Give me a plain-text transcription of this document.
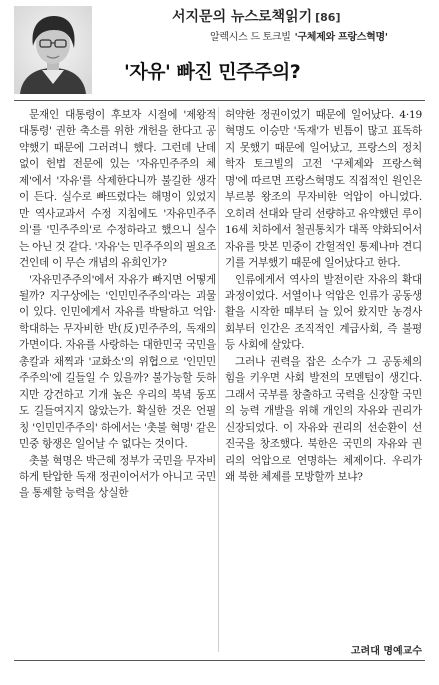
서지문의 뉴스로책읽기 [86]
알렉시스 드 토크빌 '구체제와 프랑스혁명'
'자유' 빠진 민주주의?

문재인 대통령이 후보자 시절에 '제왕적 대통령' 권한 축소를 위한 개헌을 한다고 공약했기 때문에 그러려니 했다. 그런데 난데없이 헌법 전문에 있는 '자유민주주의 체제'에서 '자유'를 삭제한다니까 불길한 생각이 든다. 실수로 빠뜨렸다는 해명이 있었지만 역사교과서 수정 지침에도 '자유민주주의'를 '민주주의'로 수정하라고 했으니 실수는 아닌 것 같다. '자유'는 민주주의의 필요조건인데 이 무슨 개념의 유희인가?

'자유민주주의'에서 자유가 빠지면 어떻게 될까? 지구상에는 '인민민주주의'라는 괴물이 있다. 인민에게서 자유를 박탈하고 억압·학대하는 무자비한 반(反)민주주의, 독재의 가면이다. 자유를 사랑하는 대한민국 국민을 총칼과 채찍과 '교화소'의 위협으로 '인민민주주의'에 길들일 수 있을까? 불가능할 듯하지만 강건하고 기개 높은 우리의 북녘 동포도 길들여지지 않았는가. 확실한 것은 언필칭 '인민민주주의' 하에서는 '촛불 혁명' 같은 민중 항쟁은 일어날 수 없다는 것이다.

촛불 혁명은 박근혜 정부가 국민을 무자비하게 탄압한 독재 정권이어서가 아니고 국민을 통제할 능력을 상실한

허약한 정권이었기 때문에 일어났다. 4·19혁명도 이승만 '독재'가 빈틈이 많고 표독하지 못했기 때문에 일어났고, 프랑스의 정치학자 토크빌의 고전 '구체제와 프랑스혁명'에 따르면 프랑스혁명도 직접적인 원인은 부르봉 왕조의 무자비한 억압이 아니었다. 오히려 선대와 달리 선량하고 유약했던 루이 16세 치하에서 철권통치가 대폭 약화되어서 자유를 맛본 민중이 간헐적인 통제나마 견디기를 거부했기 때문에 일어났다고 한다.

인류에게서 역사의 발전이란 자유의 확대 과정이었다. 서열이나 억압은 인류가 공동생활을 시작한 때부터 늘 있어 왔지만 농경사회부터 인간은 조직적인 계급사회, 즉 불평등 사회에 살았다.

그러나 권력을 잡은 소수가 그 공동체의 힘을 키우면 사회 발전의 모멘텀이 생긴다. 그래서 국부를 창출하고 국력을 신장할 국민의 능력 개발을 위해 개인의 자유와 권리가 신장되었다. 이 자유와 권리의 선순환이 선진국을 창조했다. 북한은 국민의 자유와 권리의 억압으로 연명하는 체제이다. 우리가 왜 북한 체제를 모방할까 보냐?

고려대 명예교수
